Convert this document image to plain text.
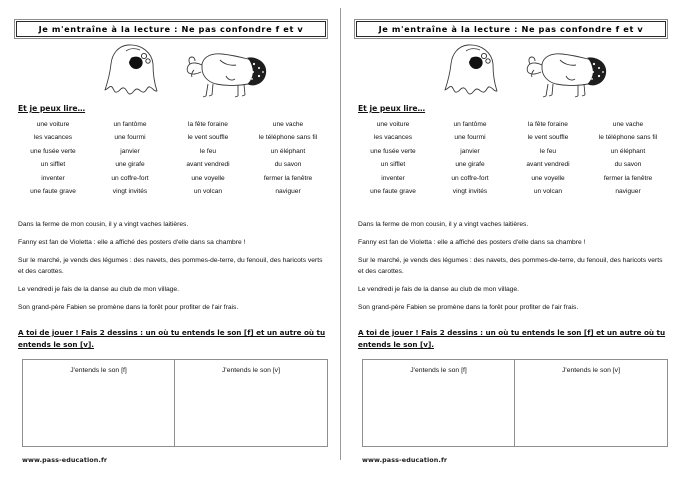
Je m'entraîne à la lecture : Ne pas confondre f et v
Et je peux lire…
une voiture	un fantôme	la fête foraine	une vache
les vacances	une fourmi	le vent souffle	le téléphone sans fil
une fusée verte	janvier	le feu	un éléphant
un sifflet	une girafe	avant vendredi	du savon
inventer	un coffre-fort	une voyelle	fermer la fenêtre
une faute grave	vingt invités	un volcan	naviguer
Dans la ferme de mon cousin, il y a vingt vaches laitières.
Fanny est fan de Violetta : elle a affiché des posters d'elle dans sa chambre !
Sur le marché, je vends des légumes : des navets, des pommes-de-terre, du fenouil, des haricots verts et des carottes.
Le vendredi je fais de la danse au club de mon village.
Son grand-père Fabien se promène dans la forêt pour profiter de l'air frais.
A toi de jouer ! Fais 2 dessins : un où tu entends le son [f] et un autre où tu entends le son [v].
J'entends le son [f]	J'entends le son [v]
www.pass-education.fr
Je m'entraîne à la lecture : Ne pas confondre f et v
Et je peux lire…
une voiture	un fantôme	la fête foraine	une vache
les vacances	une fourmi	le vent souffle	le téléphone sans fil
une fusée verte	janvier	le feu	un éléphant
un sifflet	une girafe	avant vendredi	du savon
inventer	un coffre-fort	une voyelle	fermer la fenêtre
une faute grave	vingt invités	un volcan	naviguer
Dans la ferme de mon cousin, il y a vingt vaches laitières.
Fanny est fan de Violetta : elle a affiché des posters d'elle dans sa chambre !
Sur le marché, je vends des légumes : des navets, des pommes-de-terre, du fenouil, des haricots verts et des carottes.
Le vendredi je fais de la danse au club de mon village.
Son grand-père Fabien se promène dans la forêt pour profiter de l'air frais.
A toi de jouer ! Fais 2 dessins : un où tu entends le son [f] et un autre où tu entends le son [v].
J'entends le son [f]	J'entends le son [v]
www.pass-education.fr
